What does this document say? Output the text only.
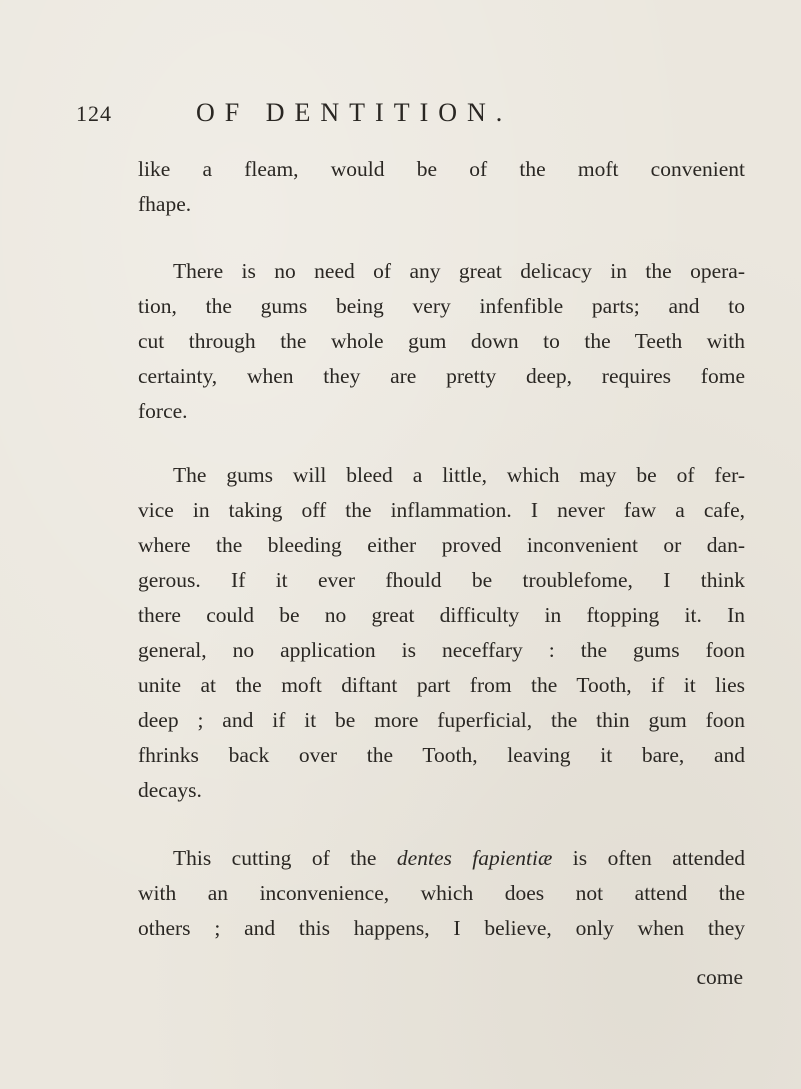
124	OF DENTITION.
like a fleam, would be of the moft convenient
fhape.
There is no need of any great delicacy in the opera-
tion, the gums being very infenfible parts; and to
cut through the whole gum down to the Teeth with
certainty, when they are pretty deep, requires fome
force.
The gums will bleed a little, which may be of fer-
vice in taking off the inflammation. I never faw a cafe,
where the bleeding either proved inconvenient or dan-
gerous. If it ever fhould be troublefome, I think
there could be no great difficulty in ftopping it. In
general, no application is neceffary : the gums foon
unite at the moft diftant part from the Tooth, if it lies
deep ; and if it be more fuperficial, the thin gum foon
fhrinks back over the Tooth, leaving it bare, and
decays.
This cutting of the dentes fapientiæ is often attended
with an inconvenience, which does not attend the
others ; and this happens, I believe, only when they
come
